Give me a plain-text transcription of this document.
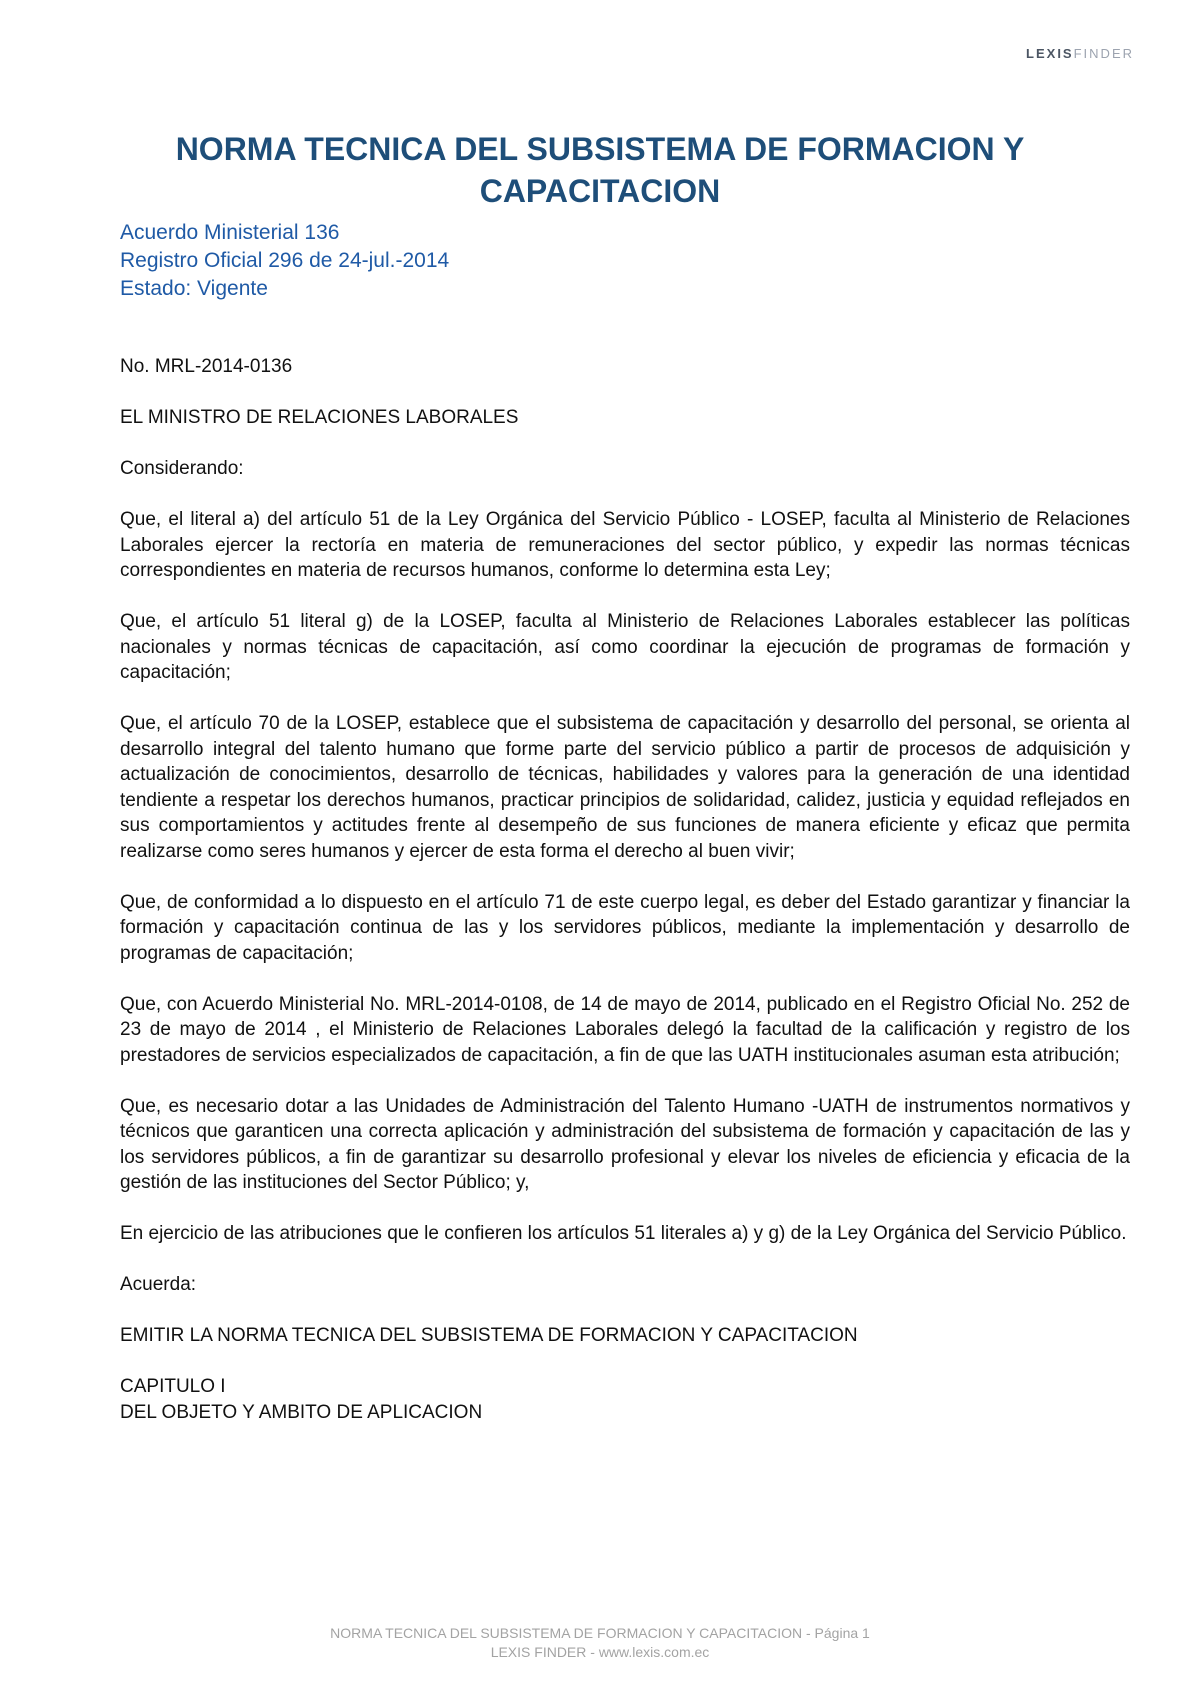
LEXISFINDER
NORMA TECNICA DEL SUBSISTEMA DE FORMACION Y CAPACITACION
Acuerdo Ministerial 136
Registro Oficial 296 de 24-jul.-2014
Estado: Vigente

No. MRL-2014-0136

EL MINISTRO DE RELACIONES LABORALES

Considerando:

Que, el literal a) del artículo 51 de la Ley Orgánica del Servicio Público - LOSEP, faculta al Ministerio de Relaciones Laborales ejercer la rectoría en materia de remuneraciones del sector público, y expedir las normas técnicas correspondientes en materia de recursos humanos, conforme lo determina esta Ley;

Que, el artículo 51 literal g) de la LOSEP, faculta al Ministerio de Relaciones Laborales establecer las políticas nacionales y normas técnicas de capacitación, así como coordinar la ejecución de programas de formación y capacitación;

Que, el artículo 70 de la LOSEP, establece que el subsistema de capacitación y desarrollo del personal, se orienta al desarrollo integral del talento humano que forme parte del servicio público a partir de procesos de adquisición y actualización de conocimientos, desarrollo de técnicas, habilidades y valores para la generación de una identidad tendiente a respetar los derechos humanos, practicar principios de solidaridad, calidez, justicia y equidad reflejados en sus comportamientos y actitudes frente al desempeño de sus funciones de manera eficiente y eficaz que permita realizarse como seres humanos y ejercer de esta forma el derecho al buen vivir;

Que, de conformidad a lo dispuesto en el artículo 71 de este cuerpo legal, es deber del Estado garantizar y financiar la formación y capacitación continua de las y los servidores públicos, mediante la implementación y desarrollo de programas de capacitación;

Que, con Acuerdo Ministerial No. MRL-2014-0108, de 14 de mayo de 2014, publicado en el Registro Oficial No. 252 de 23 de mayo de 2014 , el Ministerio de Relaciones Laborales delegó la facultad de la calificación y registro de los prestadores de servicios especializados de capacitación, a fin de que las UATH institucionales asuman esta atribución;

Que, es necesario dotar a las Unidades de Administración del Talento Humano -UATH de instrumentos normativos y técnicos que garanticen una correcta aplicación y administración del subsistema de formación y capacitación de las y los servidores públicos, a fin de garantizar su desarrollo profesional y elevar los niveles de eficiencia y eficacia de la gestión de las instituciones del Sector Público; y,

En ejercicio de las atribuciones que le confieren los artículos 51 literales a) y g) de la Ley Orgánica del Servicio Público.

Acuerda:

EMITIR LA NORMA TECNICA DEL SUBSISTEMA DE FORMACION Y CAPACITACION

CAPITULO I

DEL OBJETO Y AMBITO DE APLICACION

NORMA TECNICA DEL SUBSISTEMA DE FORMACION Y CAPACITACION - Página 1
LEXIS FINDER - www.lexis.com.ec
